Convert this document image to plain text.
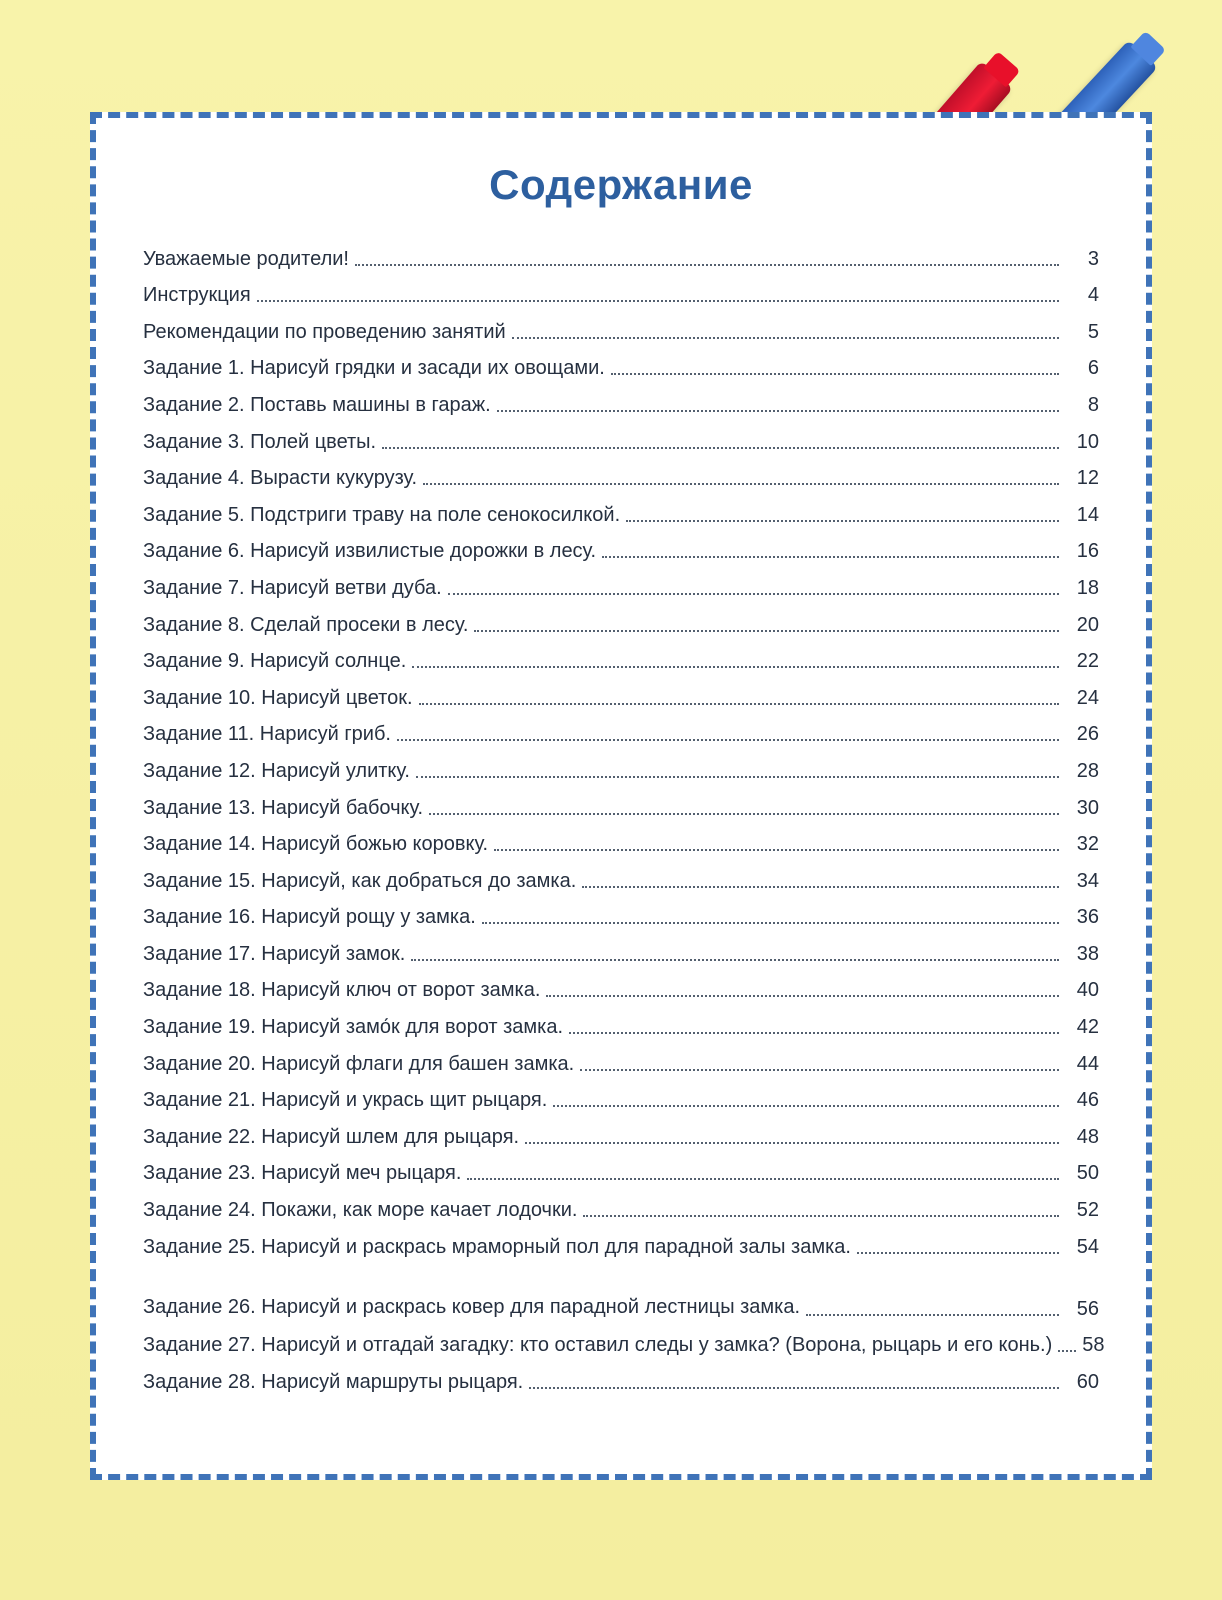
Содержание
Уважаемые родители!	3
Инструкция	4
Рекомендации по проведению занятий	5
Задание 1. Нарисуй грядки и засади их овощами.	6
Задание 2. Поставь машины в гараж.	8
Задание 3. Полей цветы.	10
Задание 4. Вырасти кукурузу.	12
Задание 5. Подстриги траву на поле сенокосилкой.	14
Задание 6. Нарисуй извилистые дорожки в лесу.	16
Задание 7. Нарисуй ветви дуба.	18
Задание 8. Сделай просеки в лесу.	20
Задание 9. Нарисуй солнце.	22
Задание 10. Нарисуй цветок.	24
Задание 11. Нарисуй гриб.	26
Задание 12. Нарисуй улитку.	28
Задание 13. Нарисуй бабочку.	30
Задание 14. Нарисуй божью коровку.	32
Задание 15. Нарисуй, как добраться до замка.	34
Задание 16. Нарисуй рощу у замка.	36
Задание 17. Нарисуй замок.	38
Задание 18. Нарисуй ключ от ворот замка.	40
Задание 19. Нарисуй замо́к для ворот замка.	42
Задание 20. Нарисуй флаги для башен замка.	44
Задание 21. Нарисуй и укрась щит рыцаря.	46
Задание 22. Нарисуй шлем для рыцаря.	48
Задание 23. Нарисуй меч рыцаря.	50
Задание 24. Покажи, как море качает лодочки.	52
Задание 25. Нарисуй и раскрась мраморный пол для парадной залы замка.	54
Задание 26. Нарисуй и раскрась ковер для парадной лестницы замка.	56
Задание 27. Нарисуй и отгадай загадку: кто оставил следы у замка? (Ворона, рыцарь и его конь.) 58
Задание 28. Нарисуй маршруты рыцаря.	60
